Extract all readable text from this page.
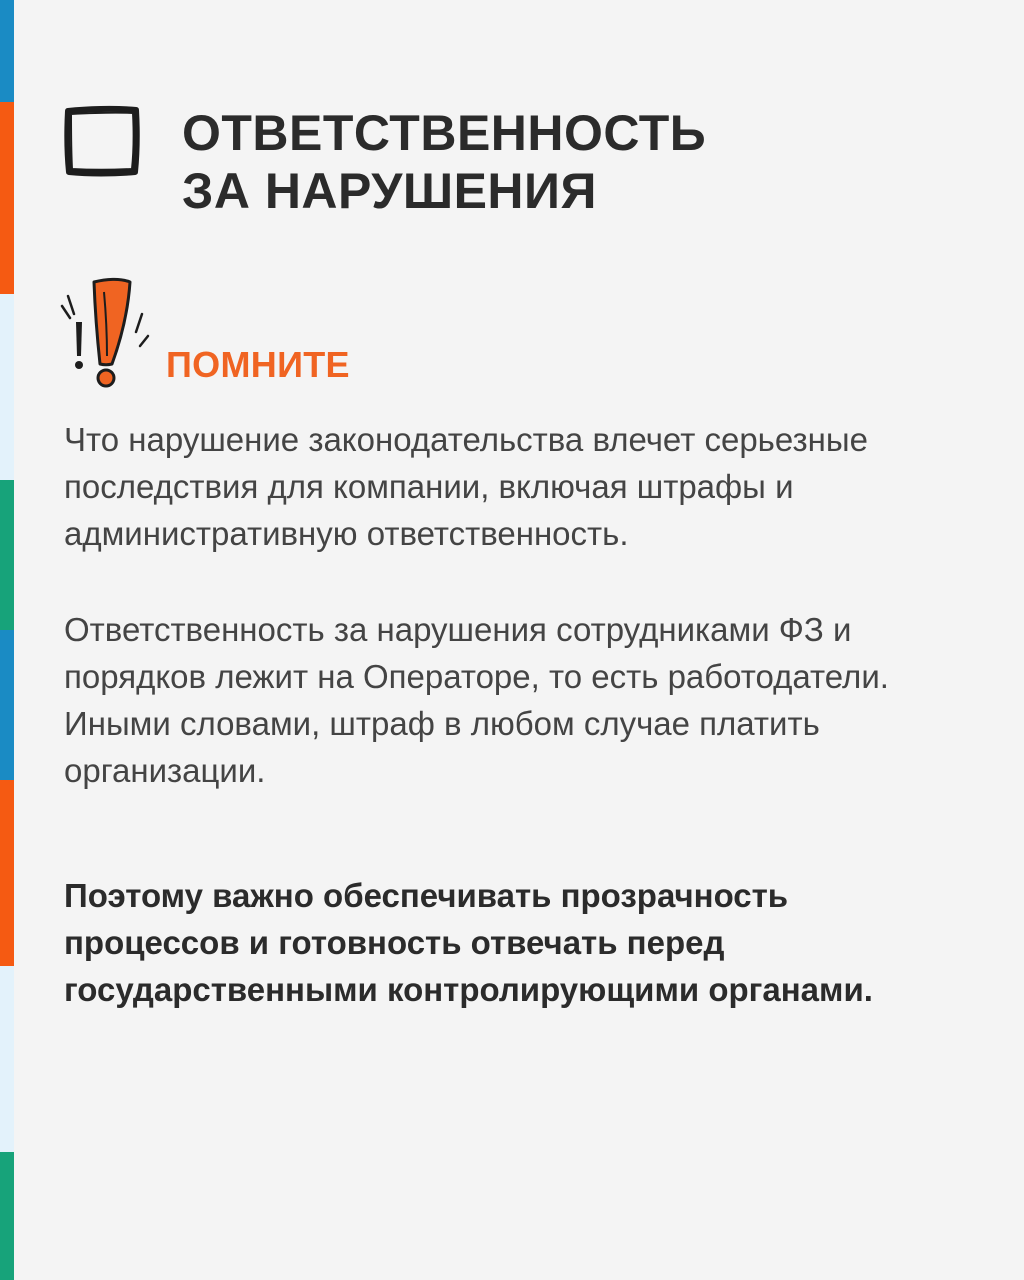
ОТВЕТСТВЕННОСТЬ
ЗА НАРУШЕНИЯ
ПОМНИТЕ

Что нарушение законодательства влечет серьезные последствия для компании, включая штрафы и административную ответственность.

Ответственность за нарушения сотрудниками ФЗ и порядков лежит на Операторе, то есть работодатели. Иными словами, штраф в любом случае платить организации.

Поэтому важно обеспечивать прозрачность процессов и готовность отвечать перед государственными контролирующими органами.
